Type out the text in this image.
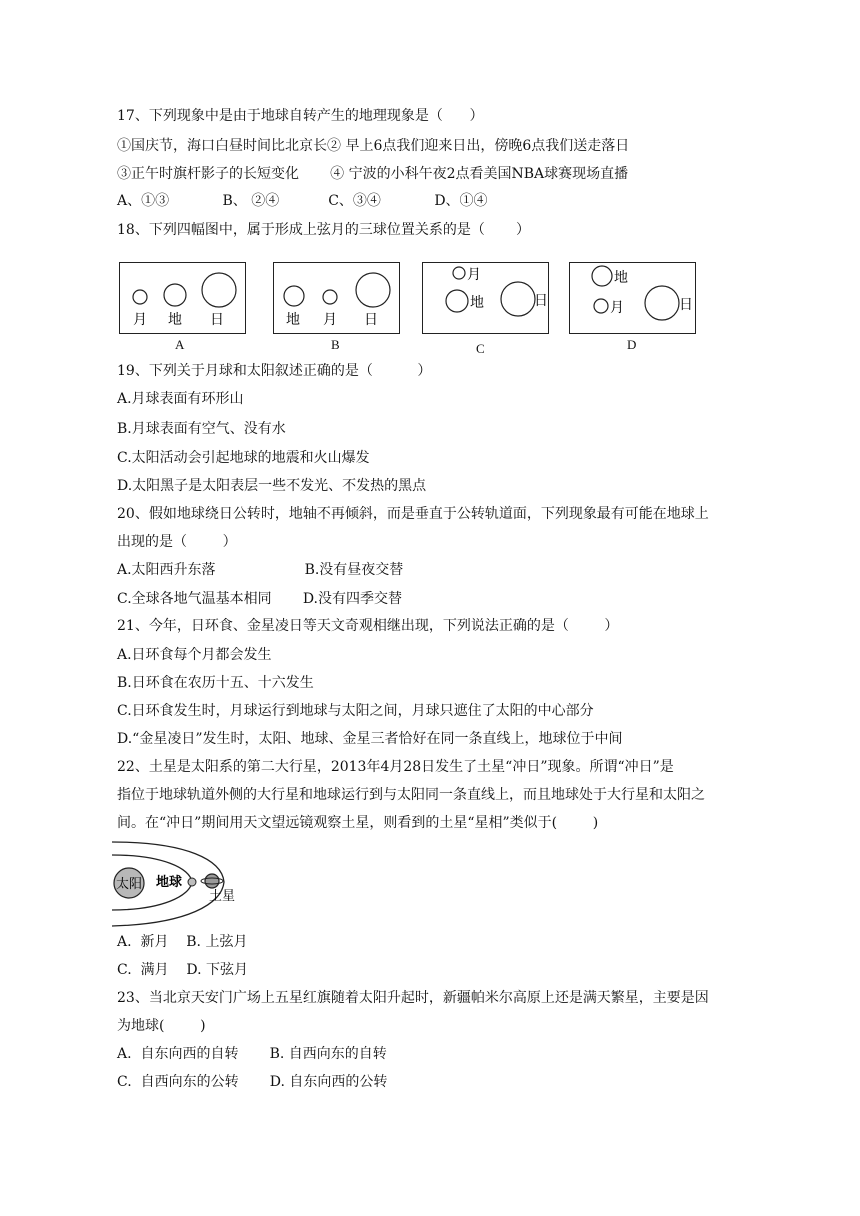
17、下列现象中是由于地球自转产生的地理现象是（      ）
①国庆节，海口白昼时间比北京长② 早上6点我们迎来日出，傍晚6点我们送走落日
③正午时旗杆影子的长短变化       ④ 宁波的小科午夜2点看美国NBA球赛现场直播
A、①③            B、 ②④           C、③④            D、①④
18、下列四幅图中，属于形成上弦月的三球位置关系的是（       ）
月 地 日
A
地 月 日
B
月
地	日
C
地
月	日
D
19、下列关于月球和太阳叙述正确的是（          ）
A.月球表面有环形山
B.月球表面有空气、没有水
C.太阳活动会引起地球的地震和火山爆发
D.太阳黑子是太阳表层一些不发光、不发热的黑点
20、假如地球绕日公转时，地轴不再倾斜，而是垂直于公转轨道面，下列现象最有可能在地球上
出现的是（        ）
A.太阳西升东落                    B.没有昼夜交替
C.全球各地气温基本相同       D.没有四季交替
21、今年，日环食、金星凌日等天文奇观相继出现，下列说法正确的是（        ）
A.日环食每个月都会发生
B.日环食在农历十五、十六发生
C.日环食发生时，月球运行到地球与太阳之间，月球只遮住了太阳的中心部分
D.“金星凌日”发生时，太阳、地球、金星三者恰好在同一条直线上，地球位于中间
22、土星是太阳系的第二大行星，2013年4月28日发生了土星“冲日”现象。所谓“冲日”是
指位于地球轨道外侧的大行星和地球运行到与太阳同一条直线上，而且地球处于大行星和太阳之
间。在“冲日”期间用天文望远镜观察土星，则看到的土星“星相”类似于(        )
太阳 地球
土星
A.  新月    B. 上弦月
C.  满月    D. 下弦月
23、当北京天安门广场上五星红旗随着太阳升起时，新疆帕米尔高原上还是满天繁星，主要是因
为地球(        )
A.  自东向西的自转       B. 自西向东的自转
C.  自西向东的公转       D. 自东向西的公转
